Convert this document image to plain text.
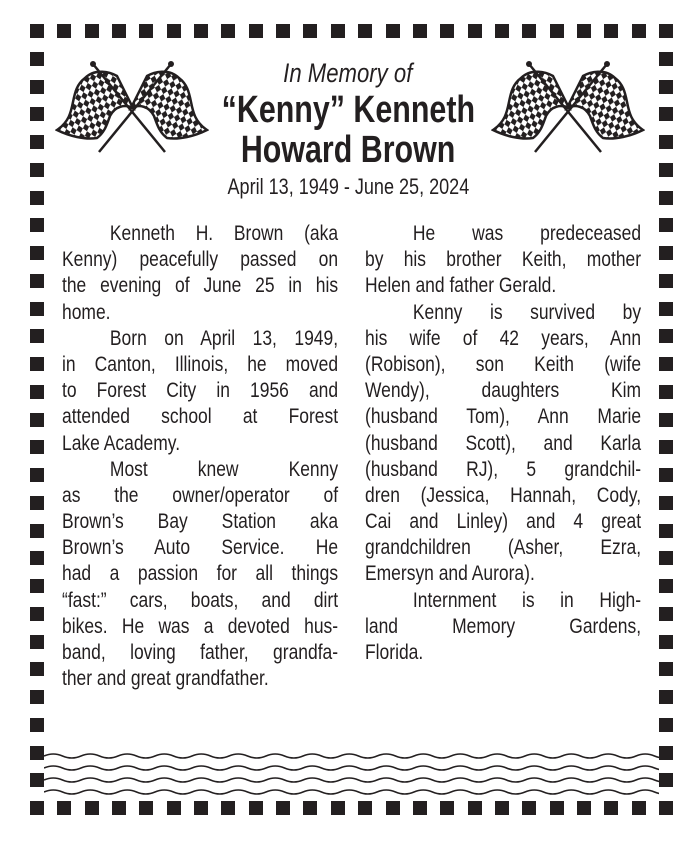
In Memory of
“Kenny” Kenneth
Howard Brown
April 13, 1949 - June 25, 2024
Kenneth H. Brown (aka
Kenny) peacefully passed on
the evening of June 25 in his
home.
Born on April 13, 1949,
in Canton, Illinois, he moved
to Forest City in 1956 and
attended school at Forest
Lake Academy.
Most knew Kenny
as the owner/operator of
Brown’s Bay Station aka
Brown’s Auto Service. He
had a passion for all things
“fast:” cars, boats, and dirt
bikes. He was a devoted hus-
band, loving father, grandfa-
ther and great grandfather.
He was predeceased
by his brother Keith, mother
Helen and father Gerald.
Kenny is survived by
his wife of 42 years, Ann
(Robison), son Keith (wife
Wendy), daughters Kim
(husband Tom), Ann Marie
(husband Scott), and Karla
(husband RJ), 5 grandchil-
dren (Jessica, Hannah, Cody,
Cai and Linley) and 4 great
grandchildren (Asher, Ezra,
Emersyn and Aurora).
Internment is in High-
land Memory Gardens,
Florida.
